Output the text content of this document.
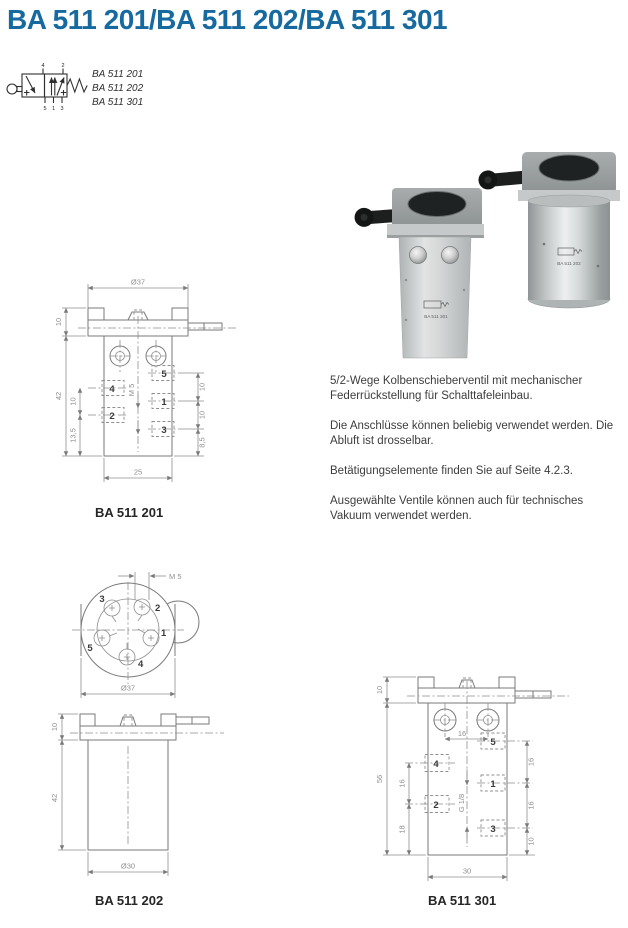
BA 511 201/BA 511 202/BA 511 301
4	2
5 1 3
BA 511 201
BA 511 202
BA 511 301
BA 511 301
BA 511 202

5/2-Wege Kolbenschieberventil mit mechanischer Federrückstellung für Schalttafeleinbau.

Die Anschlüsse können beliebig verwendet werden. Die Abluft ist drosselbar.

Betätigungselemente finden Sie auf Seite 4.2.3.

Ausgewählte Ventile können auch für technisches Vakuum verwendet werden.

Ø37
M 5
4
2
5
1
3
10
42
10
13,5
10
10
8,5
25
BA 511 201
3
2
1
5
4
M 5
Ø37
10
42
Ø30
BA 511 202
16
4
2
5
1
3
G 1/8
10
56
16
18
16
16
10
30
BA 511 301
